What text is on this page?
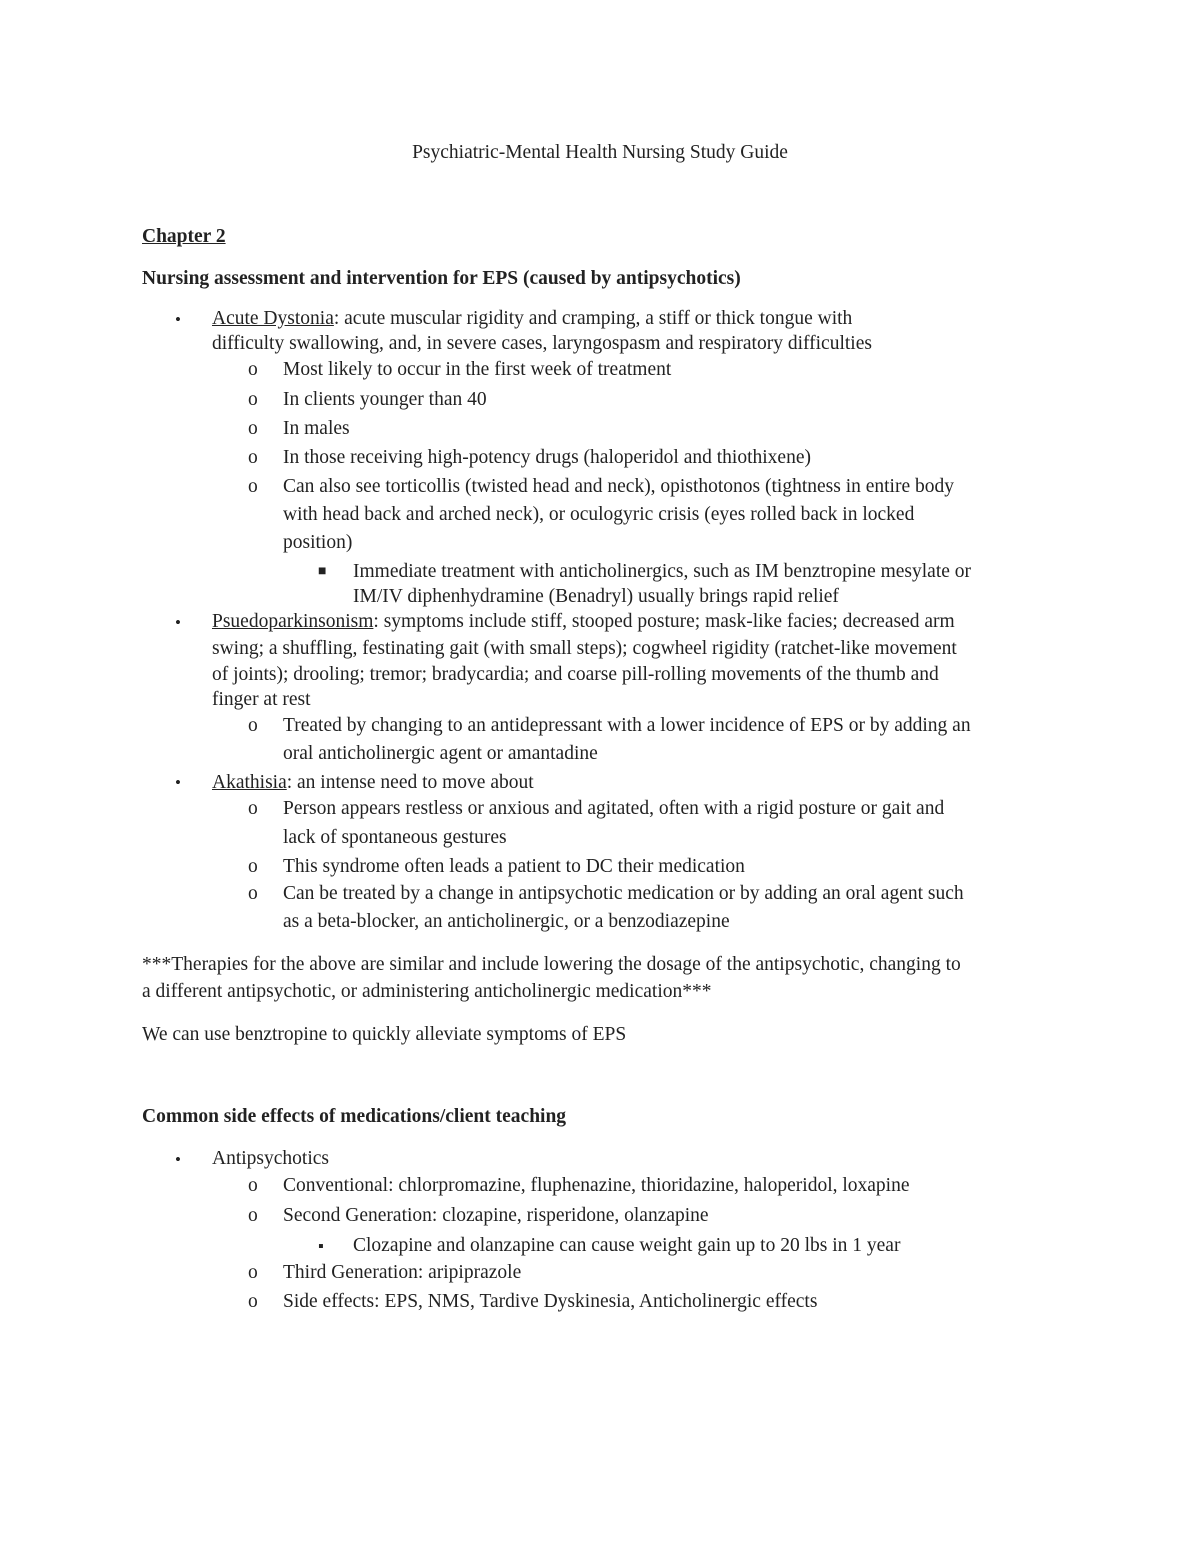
Psychiatric-Mental Health Nursing Study Guide
Chapter 2
Nursing assessment and intervention for EPS (caused by antipsychotics)
• Acute Dystonia: acute muscular rigidity and cramping, a stiff or thick tongue with
difficulty swallowing, and, in severe cases, laryngospasm and respiratory difficulties
o Most likely to occur in the first week of treatment
o In clients younger than 40
o In males
o In those receiving high-potency drugs (haloperidol and thiothixene)
o Can also see torticollis (twisted head and neck), opisthotonos (tightness in entire body
with head back and arched neck), or oculogyric crisis (eyes rolled back in locked
position)
■ Immediate treatment with anticholinergics, such as IM benztropine mesylate or
IM/IV diphenhydramine (Benadryl) usually brings rapid relief
• Psuedoparkinsonism: symptoms include stiff, stooped posture; mask-like facies; decreased arm
swing; a shuffling, festinating gait (with small steps); cogwheel rigidity (ratchet-like movement
of joints); drooling; tremor; bradycardia; and coarse pill-rolling movements of the thumb and
finger at rest
o Treated by changing to an antidepressant with a lower incidence of EPS or by adding an
oral anticholinergic agent or amantadine
• Akathisia: an intense need to move about
o Person appears restless or anxious and agitated, often with a rigid posture or gait and
lack of spontaneous gestures
o This syndrome often leads a patient to DC their medication
o Can be treated by a change in antipsychotic medication or by adding an oral agent such
as a beta-blocker, an anticholinergic, or a benzodiazepine
***Therapies for the above are similar and include lowering the dosage of the antipsychotic, changing to
a different antipsychotic, or administering anticholinergic medication***
We can use benztropine to quickly alleviate symptoms of EPS
Common side effects of medications/client teaching
• Antipsychotics
o Conventional: chlorpromazine, fluphenazine, thioridazine, haloperidol, loxapine
o Second Generation: clozapine, risperidone, olanzapine
▪ Clozapine and olanzapine can cause weight gain up to 20 lbs in 1 year
o Third Generation: aripiprazole
o Side effects: EPS, NMS, Tardive Dyskinesia, Anticholinergic effects
